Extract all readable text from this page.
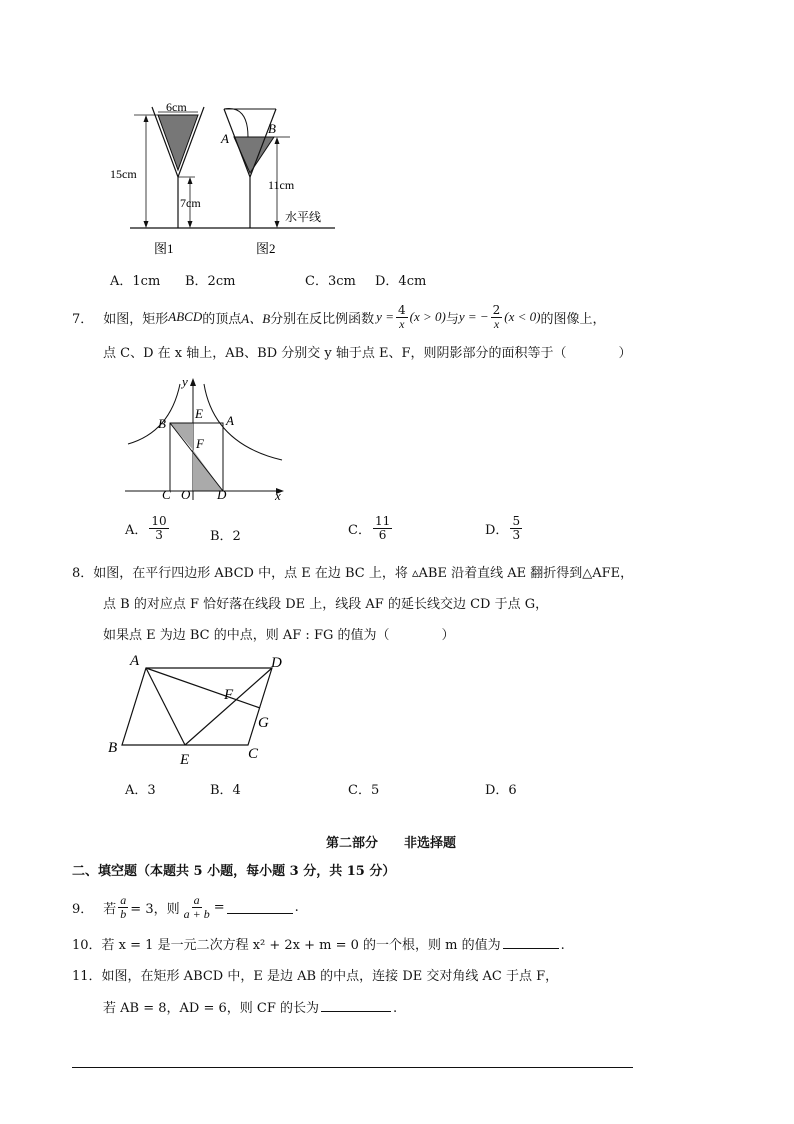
6cm
15cm
7cm
A
B
11cm
水平线
图1	图2
A．1cm B．2cm	C．3cm D．4cm
7． 如图，矩形 ABCD 的顶点 A、B 分别在反比例函数 $y = \frac{4}{x} (x > 0)$ 与 y = − $\frac{2}{x} (x < 0)$ 的图像上，
点 C、D 在 x 轴上，AB、BD 分别交 y 轴于点 E、F，则阴影部分的面积等于（　　　　）
y
x
B
E A
F
C O D
A． $\frac{10}{3}$	B．2	C． $\frac{11}{6}$	D． $\frac{5}{3}$
8．如图，在平行四边形 ABCD 中，点 E 在边 BC 上，将 ▵ABE 沿着直线 AE 翻折得到△AFE，
点 B 的对应点 F 恰好落在线段 DE 上，线段 AF 的延长线交边 CD 于点 G，
如果点 E 为边 BC 的中点，则 AF : FG 的值为（　　　　）
A	D
F
G
B
E	C
A．3	B．4	C．5	D．6
第二部分　　非选择题
二、填空题（本题共 5 小题，每小题 3 分，共 15 分）
9． 若 $\frac{a}{b} = 3$，则 $\frac{a}{a + b}$ =	.
10．若 x = 1 是一元二次方程 x² + 2x + m = 0 的一个根，则 m 的值为	.
11．如图，在矩形 ABCD 中，E 是边 AB 的中点，连接 DE 交对角线 AC 于点 F，
若 AB = 8，AD = 6，则 CF 的长为	.
